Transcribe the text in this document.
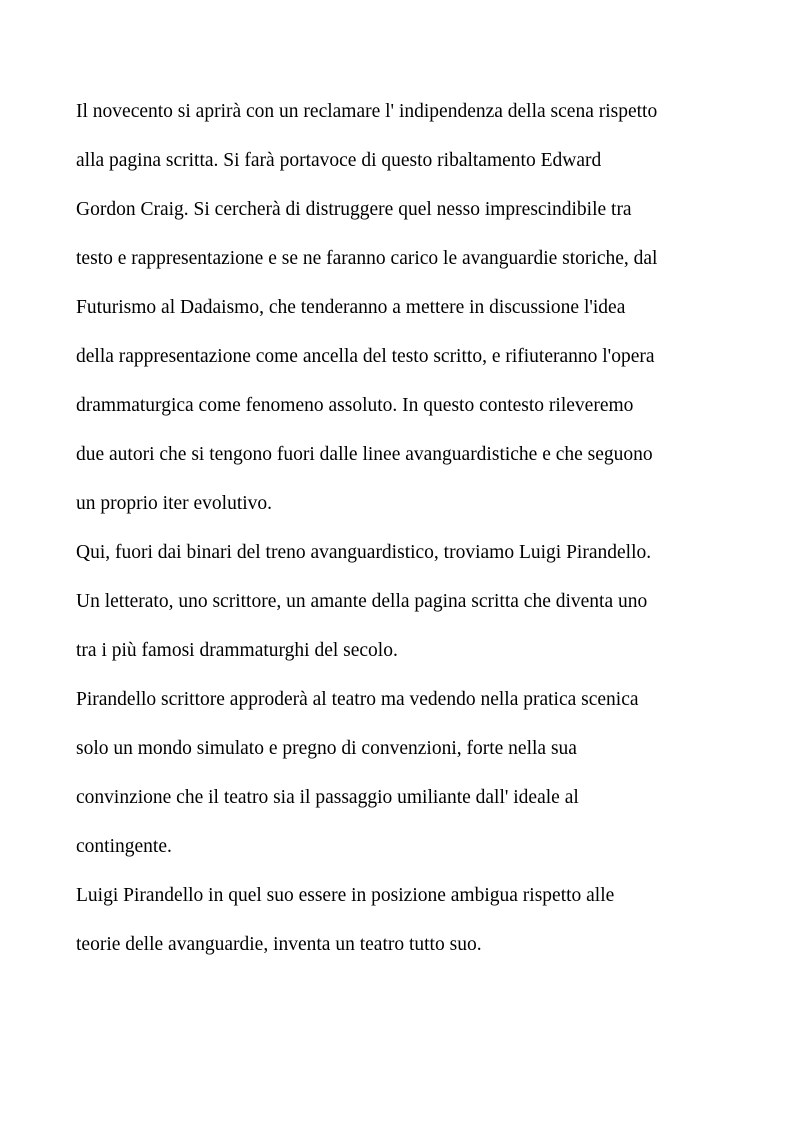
Il novecento si aprirà con un reclamare l' indipendenza della scena rispetto
alla pagina scritta. Si farà portavoce di questo ribaltamento Edward
Gordon Craig. Si cercherà di distruggere quel nesso imprescindibile tra
testo e rappresentazione e se ne faranno carico le avanguardie storiche, dal
Futurismo al Dadaismo, che tenderanno a mettere in discussione l'idea
della rappresentazione come ancella del testo scritto, e rifiuteranno l'opera
drammaturgica come fenomeno assoluto. In questo contesto rileveremo
due autori che si tengono fuori dalle linee avanguardistiche e che seguono
un proprio iter evolutivo.
Qui, fuori dai binari del treno avanguardistico, troviamo Luigi Pirandello.
Un letterato, uno scrittore, un amante della pagina scritta che diventa uno
tra i più famosi drammaturghi del secolo.
Pirandello scrittore approderà al teatro ma vedendo nella pratica scenica
solo un mondo simulato e pregno di convenzioni, forte nella sua
convinzione che il teatro sia il passaggio umiliante dall' ideale al
contingente.
Luigi Pirandello in quel suo essere in posizione ambigua rispetto alle
teorie delle avanguardie, inventa un teatro tutto suo.
